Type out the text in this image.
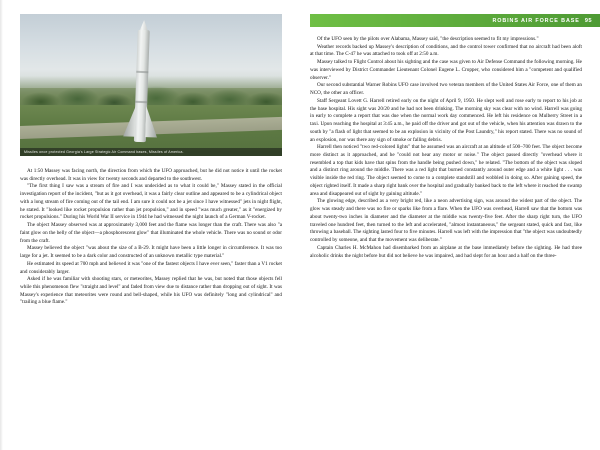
ROBINS AIR FORCE BASE 95
Missiles once protected Georgia's Large Strategic Air Command bases, Missiles of America.

At 1:50 Massey was facing north, the direction from which the UFO approached, but he did not notice it until the rocket was directly overhead. It was in view for twenty seconds and departed to the southwest.

"The first thing I saw was a stream of fire and I was undecided as to what it could be," Massey stated in the official investigation report of the incident, "but as it got overhead, it was a fairly clear outline and appeared to be a cylindrical object with a long stream of fire coming out of the tail end. I am sure it could not be a jet since I have witnessed" jets in night flight, he stated. It "looked like rocket propulsion rather than jet propulsion," and in speed "was much greater," as it "energized by rocket propulsions." During his World War II service in 1944 he had witnessed the night launch of a German V-rocket.

The object Massey observed was at approximately 3,000 feet and the flame was longer than the craft. There was also "a faint glow on the belly of the object—a phosphorescent glow" that illuminated the whole vehicle. There was no sound or odor from the craft.

Massey believed the object "was about the size of a B-29. It might have been a little longer in circumference. It was too large for a jet. It seemed to be a dark color and constructed of an unknown metallic type material."

He estimated its speed at 700 mph and believed it was "one of the fastest objects I have ever seen," faster than a V1 rocket and considerably larger.

Asked if he was familiar with shooting stars, or meteorites, Massey replied that he was, but noted that those objects fell while this phenomenon flew "straight and level" and faded from view due to distance rather than dropping out of sight. It was Massey's experience that meteorites were round and bell-shaped, while his UFO was definitely "long and cylindrical" and "trailing a blue flame."

Of the UFO seen by the pilots over Alabama, Massey said, "the description seemed to fit my impressions."

Weather records backed up Massey's description of conditions, and the control tower confirmed that no aircraft had been aloft at that time. The C-47 he was attached to took off at 2:50 a.m.

Massey talked to Flight Control about his sighting and the case was given to Air Defense Command the following morning. He was interviewed by District Commander Lieutenant Colonel Eugene L. Cropper, who considered him a "competent and qualified observer."

Our second substantial Warner Robins UFO case involved two veteran members of the United States Air Force, one of them an NCO, the other an officer.

Staff Sergeant Lovett G. Harrell retired early on the night of April 9, 1950. He slept well and rose early to report to his job at the base hospital. His sight was 20/20 and he had not been drinking. The morning sky was clear with no wind. Harrell was going in early to complete a report that was due when the normal work day commenced. He left his residence on Mulberry Street in a taxi. Upon reaching the hospital at 3:45 a.m., he paid off the driver and got out of the vehicle, when his attention was drawn to the south by "a flash of light that seemed to be an explosion in vicinity of the Post Laundry," his report stated. There was no sound of an explosion, nor was there any sign of smoke or falling debris.

Harrell then noticed "two red-colored lights" that he assumed was an aircraft at an altitude of 500–700 feet. The object become more distinct as it approached, and he "could not hear any motor or noise." The object passed directly "overhead where it resembled a top that kids have that spins from the handle being pushed down," he related. "The bottom of the object was sloped and a distinct ring around the middle. There was a red light that burned constantly around outer edge and a white light . . . was visible inside the red ring. The object seemed to come to a complete standstill and wobbled in doing so. After gaining speed, the object righted itself. It made a sharp right bank over the hospital and gradually banked back to the left where it reached the swamp area and disappeared out of sight by gaining altitude."

The glowing edge, described as a very bright red, like a neon advertising sign, was around the widest part of the object. The glow was steady and there was no fire or sparks like from a flare. When the UFO was overhead, Harrell saw that the bottom was about twenty-two inches in diameter and the diameter at the middle was twenty-five feet. After the sharp right turn, the UFO traveled one hundred feet, then turned to the left and accelerated, "almost instantaneous," the sergeant stated, quick and fast, like throwing a baseball. The sighting lasted four to five minutes. Harrell was left with the impression that "the object was undoubtedly controlled by someone, and that the movement was deliberate."

Captain Charles H. McMahon had disembarked from an airplane at the base immediately before the sighting. He had three alcoholic drinks the night before but did not believe he was impaired, and had slept for an hour and a half on the three-
